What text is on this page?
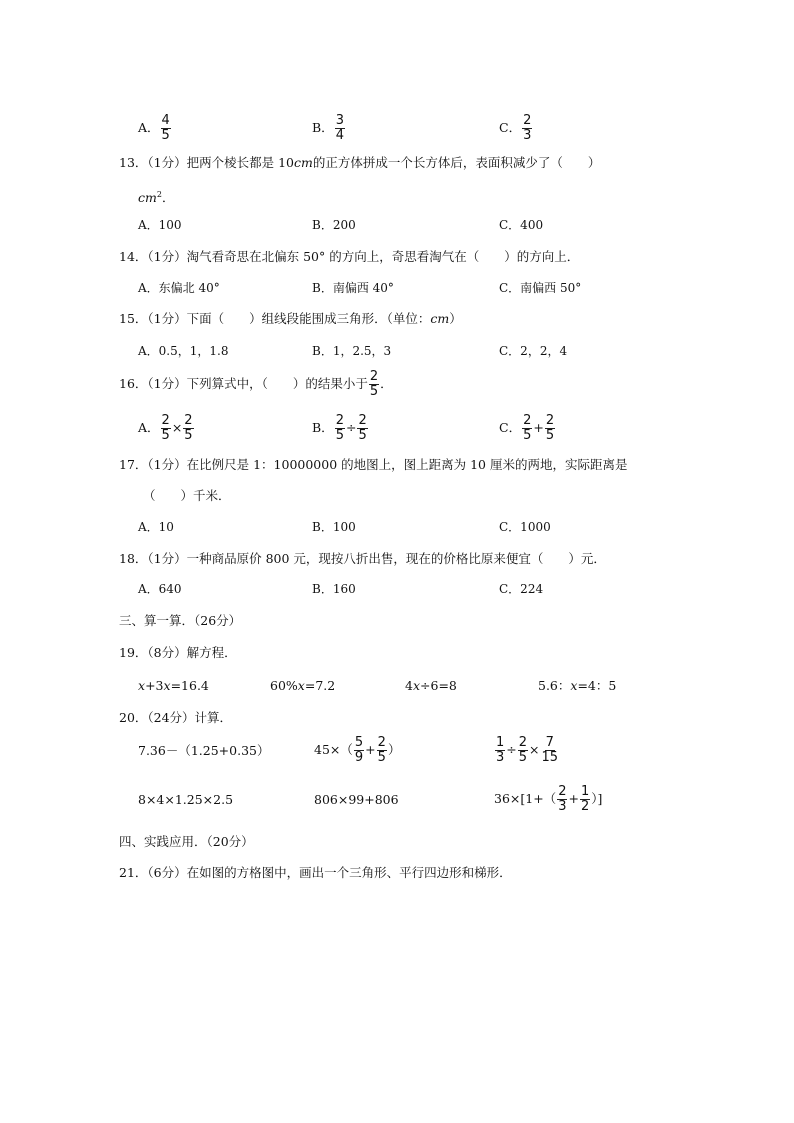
A． $\frac{4}{5}$	B． $\frac{3}{4}$	C． $\frac{2}{3}$
13．（1分）把两个棱长都是 10cm的正方体拼成一个长方体后，表面积减少了（　　）
$cm^2$．
A．100	B．200	C．400
14．（1分）淘气看奇思在北偏东 50° 的方向上，奇思看淘气在（　　）的方向上．
A．东偏北 40°	B．南偏西 40°	C．南偏西 50°
15．（1分）下面（　　）组线段能围成三角形．（单位：cm）
A．0.5，1，1.8	B．1，2.5，3	C．2，2，4
16．（1分）下列算式中，（　　）的结果小于 $\frac{2}{5}$ ．
A． $\frac{2}{5} \times \frac{2}{5}$	B． $\frac{2}{5} \div \frac{2}{5}$	C． $\frac{2}{5} + \frac{2}{5}$
17．（1分）在比例尺是 1：10000000 的地图上，图上距离为 10 厘米的两地，实际距离是
（　　）千米．
A．10	B．100	C．1000
18．（1分）一种商品原价 800 元，现按八折出售，现在的价格比原来便宜（　　）元．
A．640	B．160	C．224
三、算一算．（26分）
19．（8分）解方程．
x+3x=16.4	60%x=7.2	4x÷6=8	5.6：x=4：5
20．（24分）计算．
7.36－（1.25+0.35）	$45\times( \frac{5}{9} + \frac{2}{5}$ ）	$\frac{1}{3} \div \frac{2}{5} \times \frac{7}{15}$
8×4×1.25×2.5	806×99+806	$36\times[1+( \frac{2}{3} + \frac{1}{2}$ ）]
四、实践应用．（20分）
21．（6分）在如图的方格图中，画出一个三角形、平行四边形和梯形．
